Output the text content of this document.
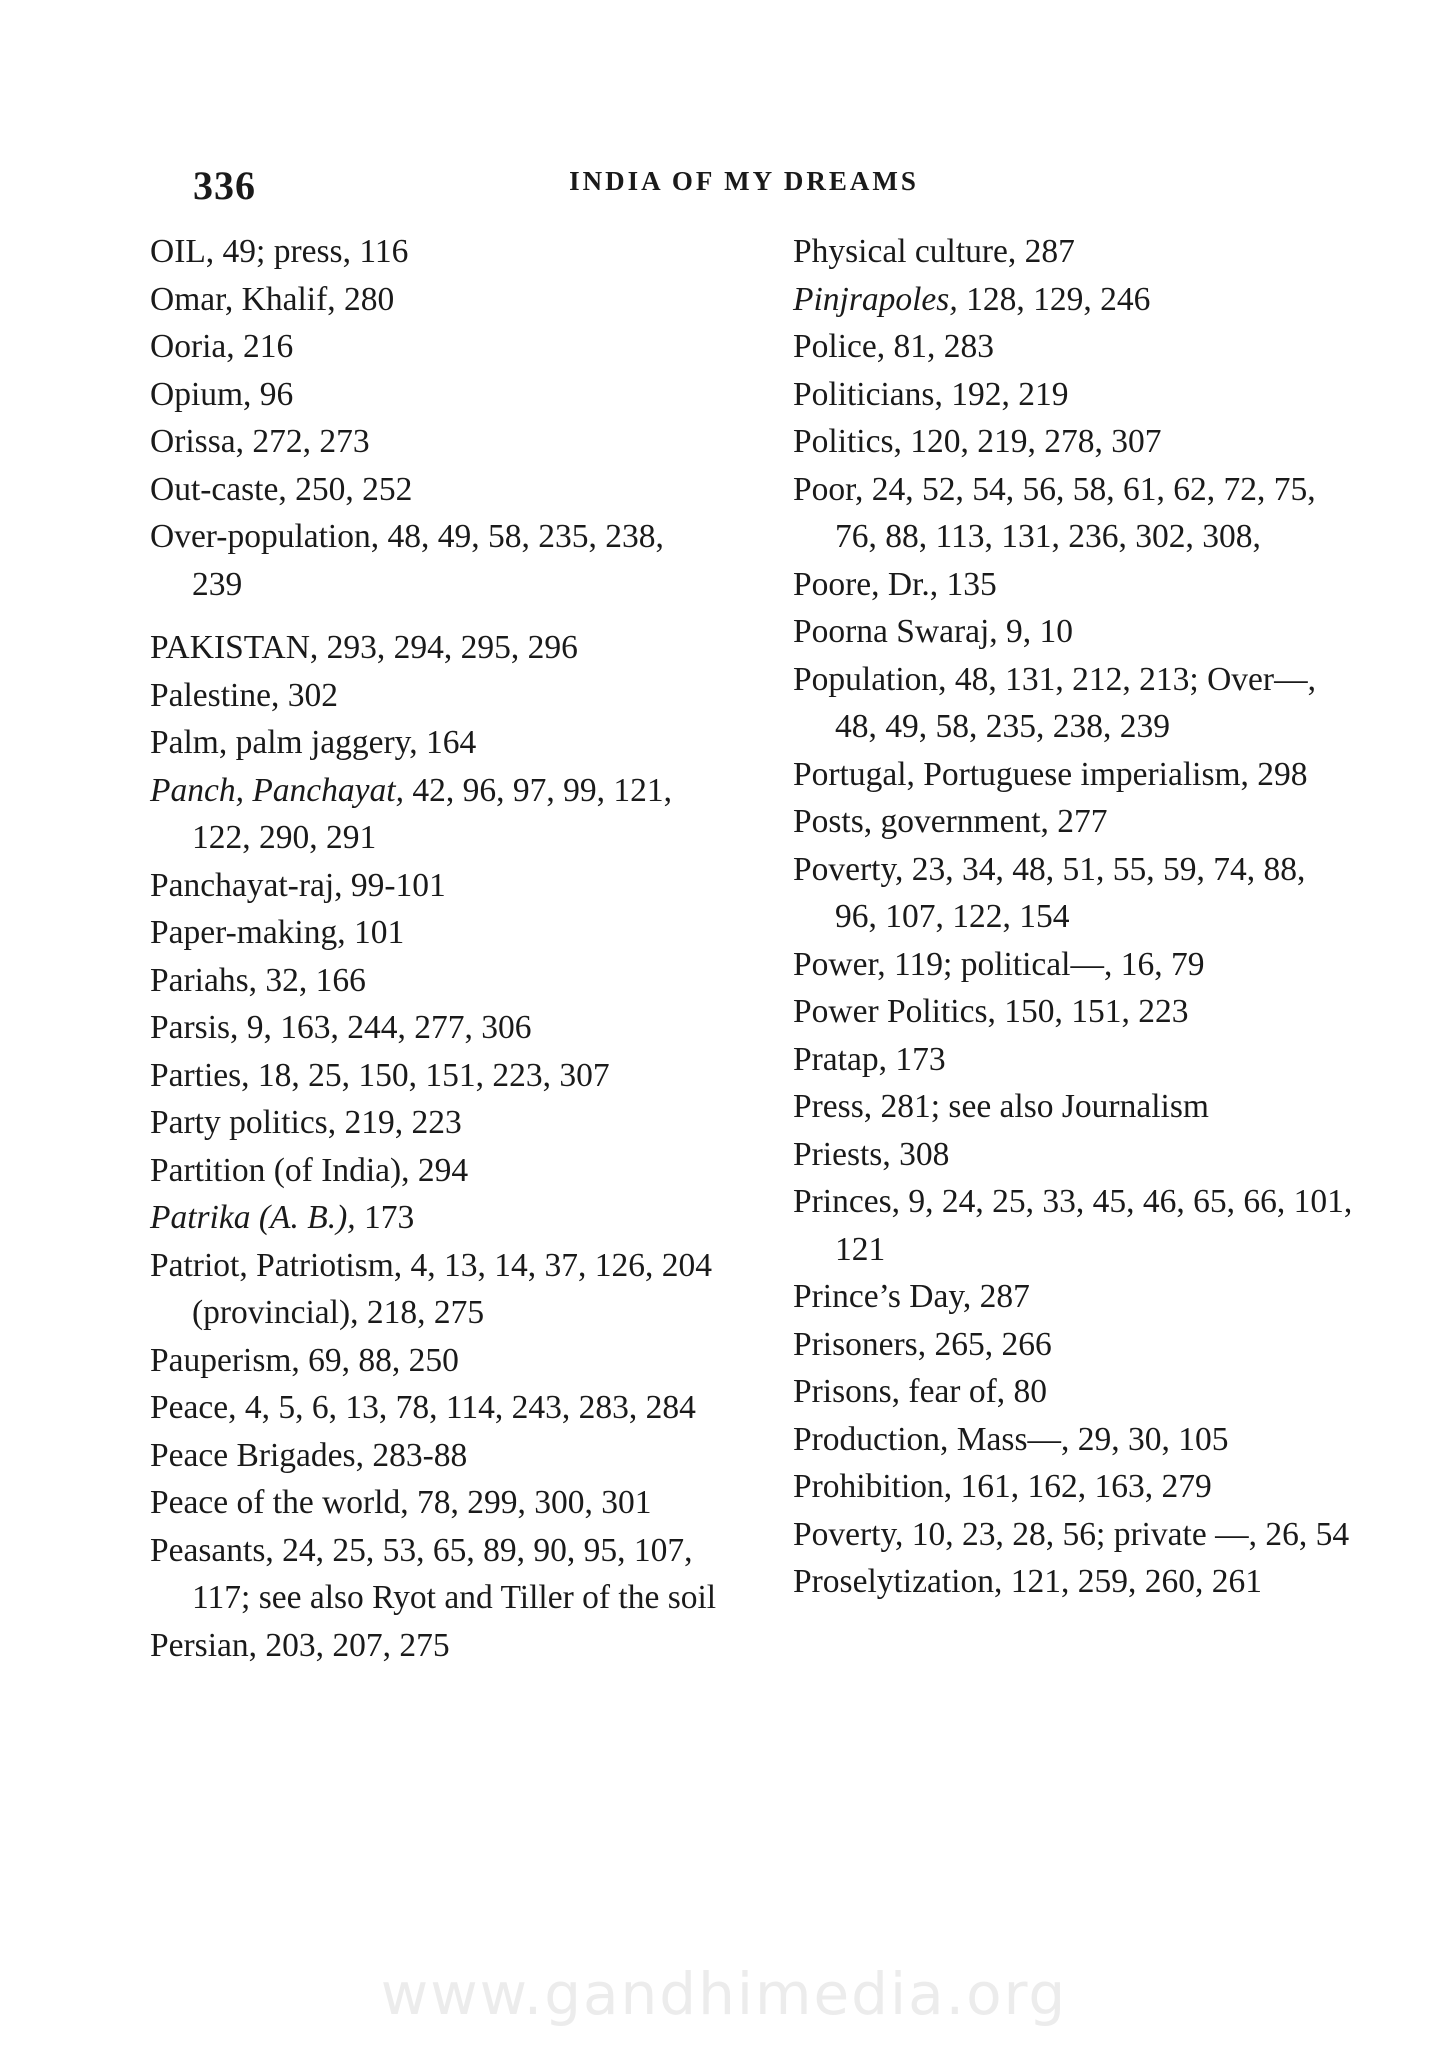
336	INDIA OF MY DREAMS

OIL, 49; press, 116

Omar, Khalif, 280

Ooria, 216

Opium, 96

Orissa, 272, 273

Out-caste, 250, 252

Over-population, 48, 49, 58, 235, 238, 239

PAKISTAN, 293, 294, 295, 296

Palestine, 302

Palm, palm jaggery, 164

Panch, Panchayat, 42, 96, 97, 99, 121, 122, 290, 291

Panchayat-raj, 99-101

Paper-making, 101

Pariahs, 32, 166

Parsis, 9, 163, 244, 277, 306

Parties, 18, 25, 150, 151, 223, 307

Party politics, 219, 223

Partition (of India), 294

Patrika (A. B.), 173

Patriot, Patriotism, 4, 13, 14, 37, 126, 204 (provincial), 218, 275

Pauperism, 69, 88, 250

Peace, 4, 5, 6, 13, 78, 114, 243, 283, 284

Peace Brigades, 283-88

Peace of the world, 78, 299, 300, 301

Peasants, 24, 25, 53, 65, 89, 90, 95, 107, 117; see also Ryot and Tiller of the soil

Persian, 203, 207, 275

Physical culture, 287

Pinjrapoles, 128, 129, 246

Police, 81, 283

Politicians, 192, 219

Politics, 120, 219, 278, 307

Poor, 24, 52, 54, 56, 58, 61, 62, 72, 75, 76, 88, 113, 131, 236, 302, 308,

Poore, Dr., 135

Poorna Swaraj, 9, 10

Population, 48, 131, 212, 213; Over—, 48, 49, 58, 235, 238, 239

Portugal, Portuguese imperialism, 298

Posts, government, 277

Poverty, 23, 34, 48, 51, 55, 59, 74, 88, 96, 107, 122, 154

Power, 119; political—, 16, 79

Power Politics, 150, 151, 223

Pratap, 173

Press, 281; see also Journalism

Priests, 308

Princes, 9, 24, 25, 33, 45, 46, 65, 66, 101, 121

Prince’s Day, 287

Prisoners, 265, 266

Prisons, fear of, 80

Production, Mass—, 29, 30, 105

Prohibition, 161, 162, 163, 279

Poverty, 10, 23, 28, 56; private —, 26, 54

Proselytization, 121, 259, 260, 261

www.gandhimedia.org
